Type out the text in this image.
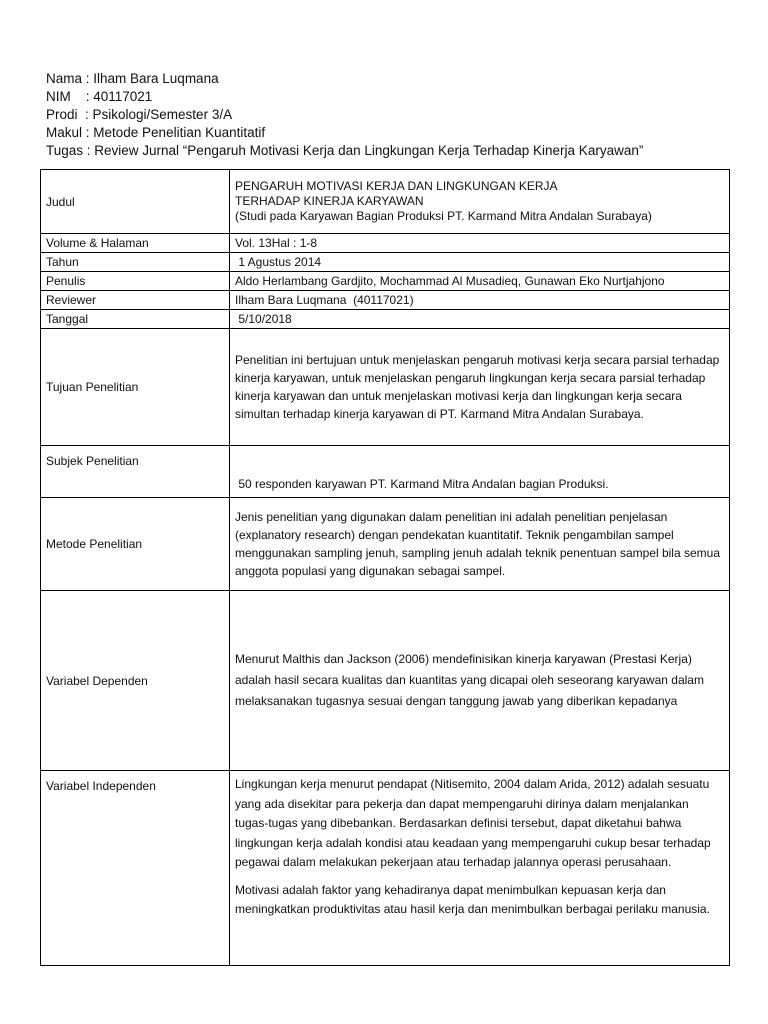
Nama : Ilham Bara Luqmana
NIM    : 40117021
Prodi  : Psikologi/Semester 3/A
Makul : Metode Penelitian Kuantitatif
Tugas : Review Jurnal “Pengaruh Motivasi Kerja dan Lingkungan Kerja Terhadap Kinerja Karyawan”
Judul	PENGARUH MOTIVASI KERJA DAN LINGKUNGAN KERJA
TERHADAP KINERJA KARYAWAN
(Studi pada Karyawan Bagian Produksi PT. Karmand Mitra Andalan Surabaya)

Volume & Halaman	Vol. 13Hal : 1-8
Tahun	1 Agustus 2014
Penulis	Aldo Herlambang Gardjito, Mochammad Al Musadieq, Gunawan Eko Nurtjahjono
Reviewer	Ilham Bara Luqmana  (40117021)
Tanggal	5/10/2018
Tujuan Penelitian	Penelitian ini bertujuan untuk menjelaskan pengaruh motivasi kerja secara parsial terhadap kinerja karyawan, untuk menjelaskan pengaruh lingkungan kerja secara parsial terhadap kinerja karyawan dan untuk menjelaskan motivasi kerja dan lingkungan kerja secara simultan terhadap kinerja karyawan di PT. Karmand Mitra Andalan Surabaya.
Subjek Penelitian	50 responden karyawan PT. Karmand Mitra Andalan bagian Produksi.
Metode Penelitian	Jenis penelitian yang digunakan dalam penelitian ini adalah penelitian penjelasan (explanatory research) dengan pendekatan kuantitatif. Teknik pengambilan sampel menggunakan sampling jenuh, sampling jenuh adalah teknik penentuan sampel bila semua anggota populasi yang digunakan sebagai sampel.
Variabel Dependen	Menurut Malthis dan Jackson (2006) mendefinisikan kinerja karyawan (Prestasi Kerja) adalah hasil secara kualitas dan kuantitas yang dicapai oleh seseorang karyawan dalam melaksanakan tugasnya sesuai dengan tanggung jawab yang diberikan kepadanya
Variabel Independen	Lingkungan kerja menurut pendapat (Nitisemito, 2004 dalam Arida, 2012) adalah sesuatu yang ada disekitar para pekerja dan dapat mempengaruhi dirinya dalam menjalankan tugas-tugas yang dibebankan. Berdasarkan definisi tersebut, dapat diketahui bahwa lingkungan kerja adalah kondisi atau keadaan yang mempengaruhi cukup besar terhadap pegawai dalam melakukan pekerjaan atau terhadap jalannya operasi perusahaan.
Motivasi adalah faktor yang kehadiranya dapat menimbulkan kepuasan kerja dan meningkatkan produktivitas atau hasil kerja dan menimbulkan berbagai perilaku manusia.
